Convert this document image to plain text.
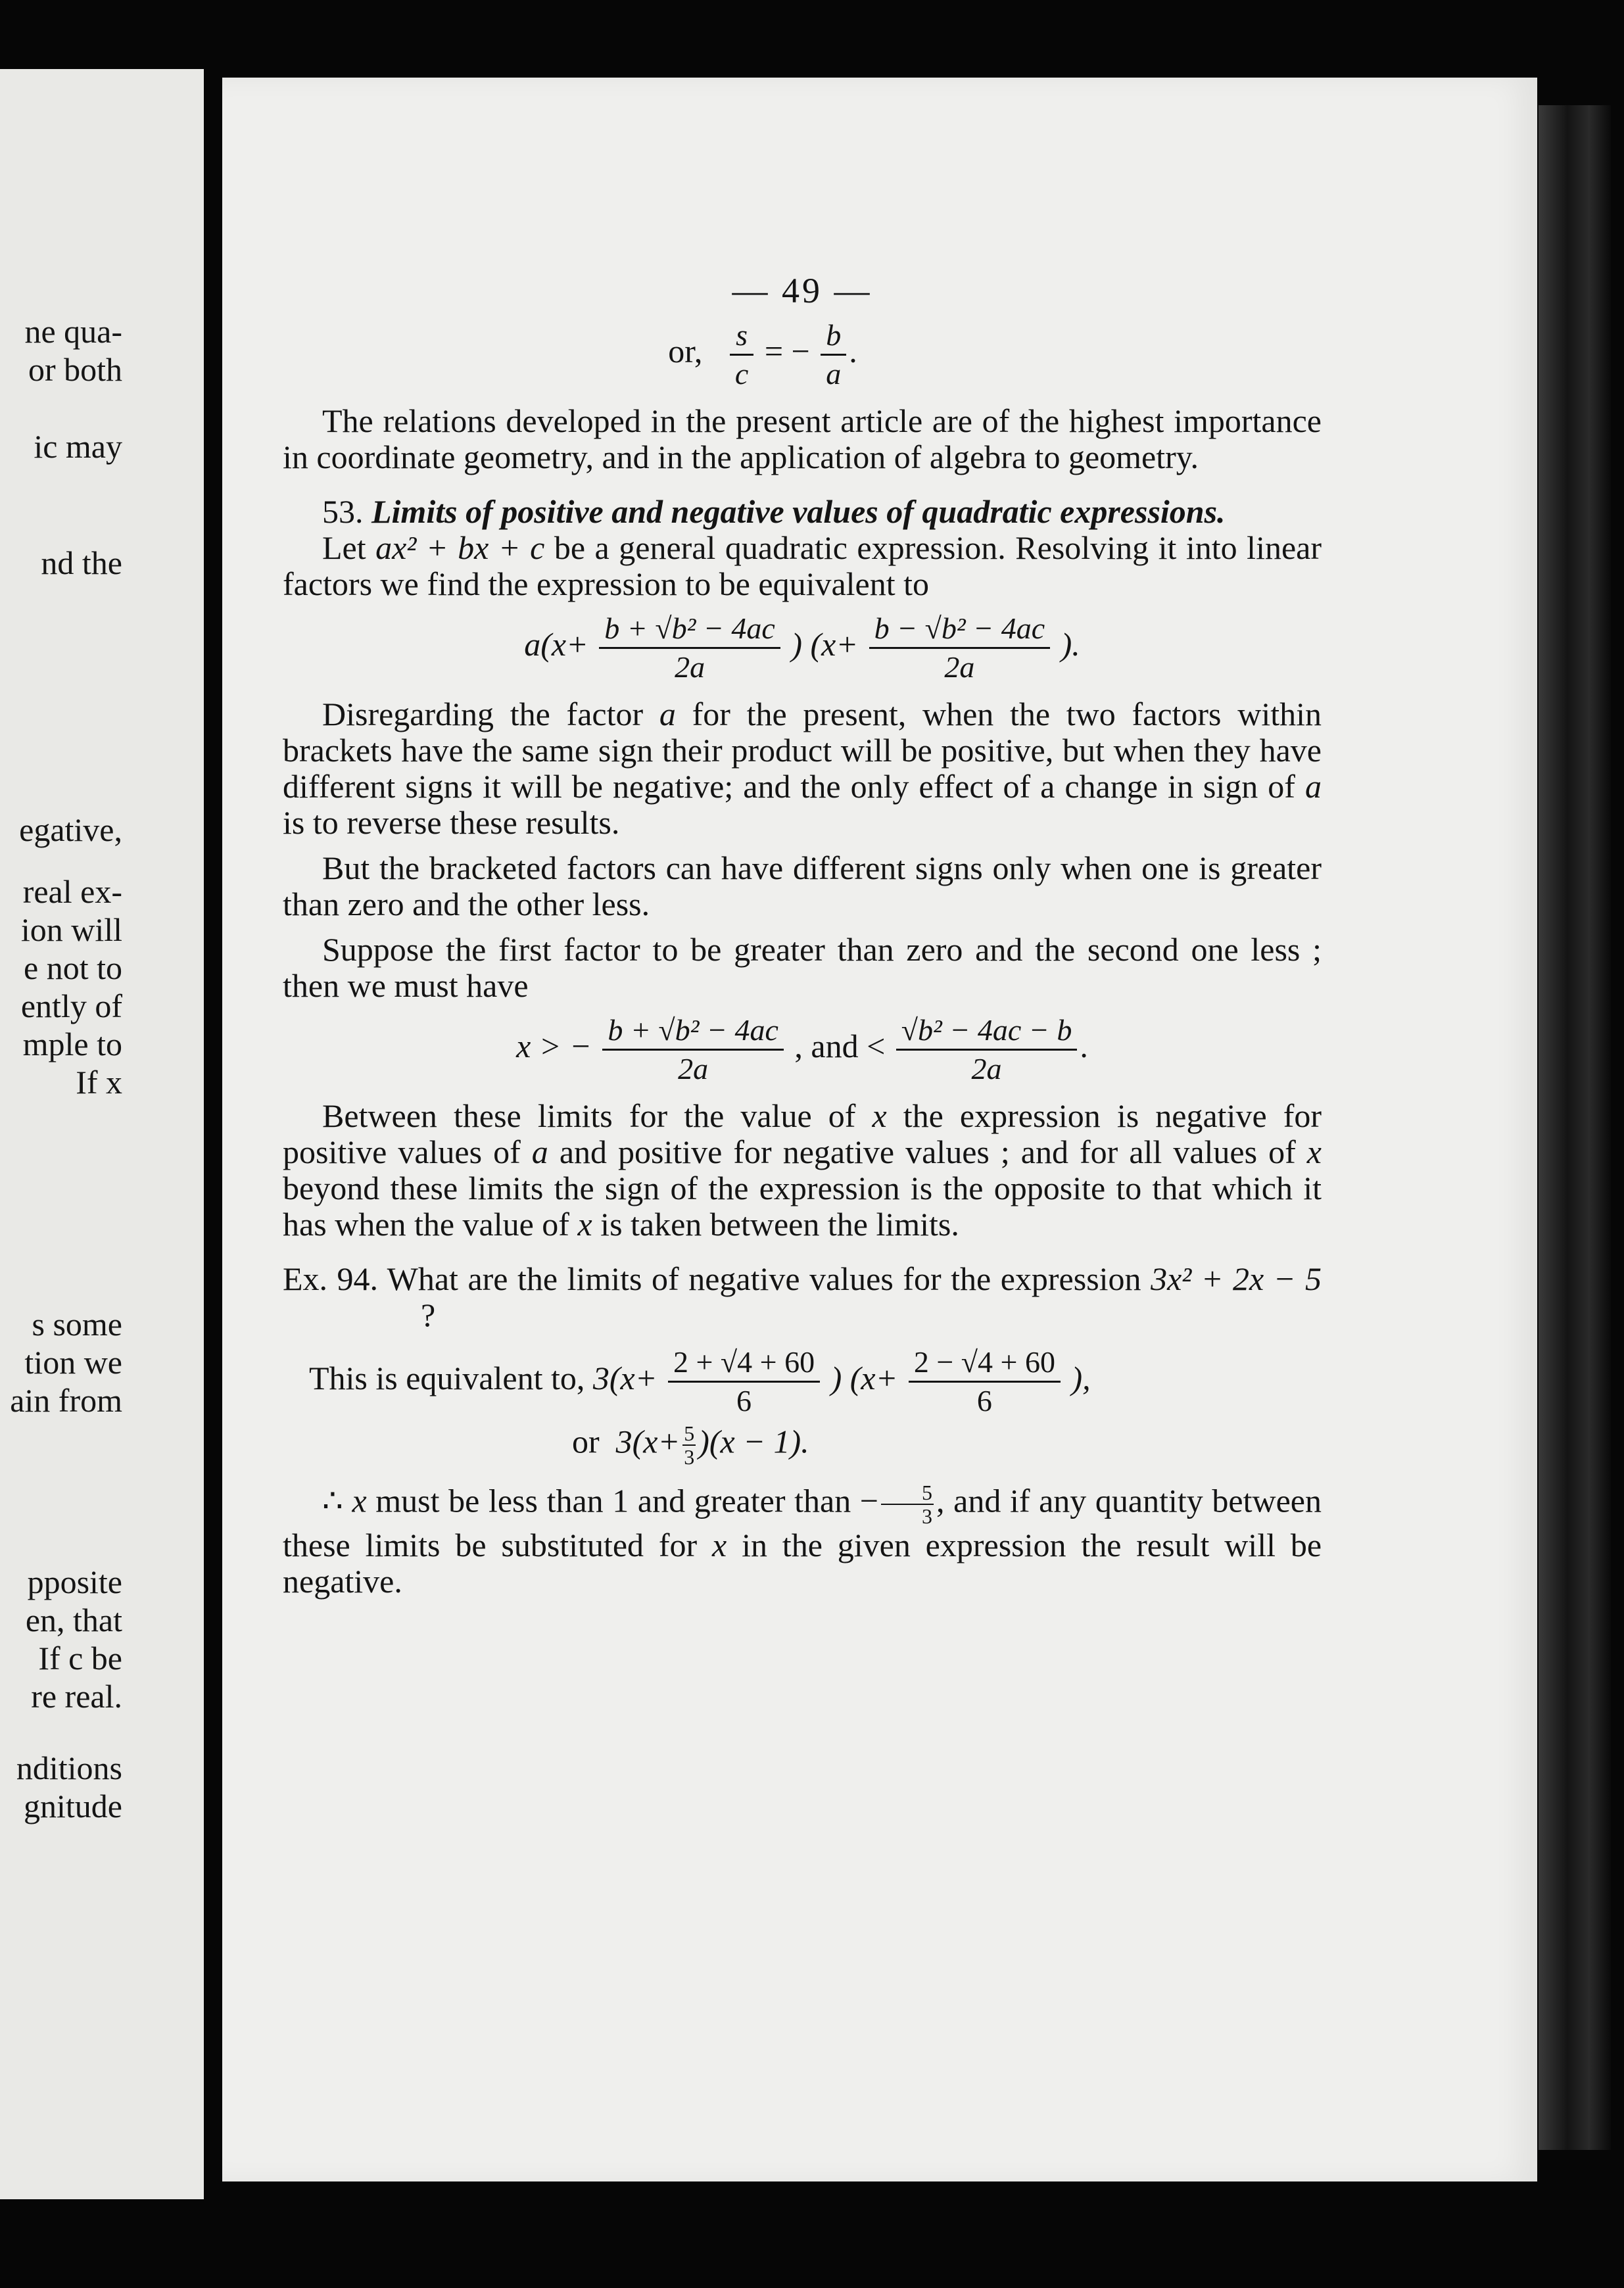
ne qua-
or both
ic may
nd the
egative,
real ex-
ion will
e not to
ently of
mple to
If x
s some
tion we
ain from
pposite
en, that
If c be
re real.
nditions
gnitude
— 49 —
or, $\frac{s}{c}$ = − $\frac{b}{a}$ .

The relations developed in the present article are of the highest importance in coordinate geometry, and in the application of algebra to geometry.

53. Limits of positive and negative values of quadratic expressions.

Let ax² + bx + c be a general quadratic expression. Resolving it into linear factors we find the expression to be equivalent to

$a(x+ \frac{\text{b + √b² − 4ac}}{2a}$ ) ($x+ \frac{\text{b − √b² − 4ac}}{2a}$ ).

Disregarding the factor a for the present, when the two factors within brackets have the same sign their product will be positive, but when they have different signs it will be negative; and the only effect of a change in sign of a is to reverse these results.

But the bracketed factors can have different signs only when one is greater than zero and the other less.

Suppose the first factor to be greater than zero and the second one less ; then we must have

x > − $\frac{\text{b + √b² − 4ac}}{2a}$ , and < $\frac{\text{√b² − 4ac − b}}{2a}$ .

Between these limits for the value of x the expression is negative for positive values of a and positive for negative values ; and for all values of x beyond these limits the sign of the expression is the opposite to that which it has when the value of x is taken between the limits.

Ex. 94. What are the limits of negative values for the expression 3x² + 2x − 5 ?

This is equivalent to, $3(x+ \frac{2 + √4 + 60}{6}$ ) ($x+ \frac{2 - √4 + 60}{6}$ ),
or $3(x+ \frac{5}{3} )(x - 1)$.

∴ x must be less than 1 and greater than − $\frac{5}{3}$ , and if any quantity between these limits be substituted for x in the given expression the result will be negative.
